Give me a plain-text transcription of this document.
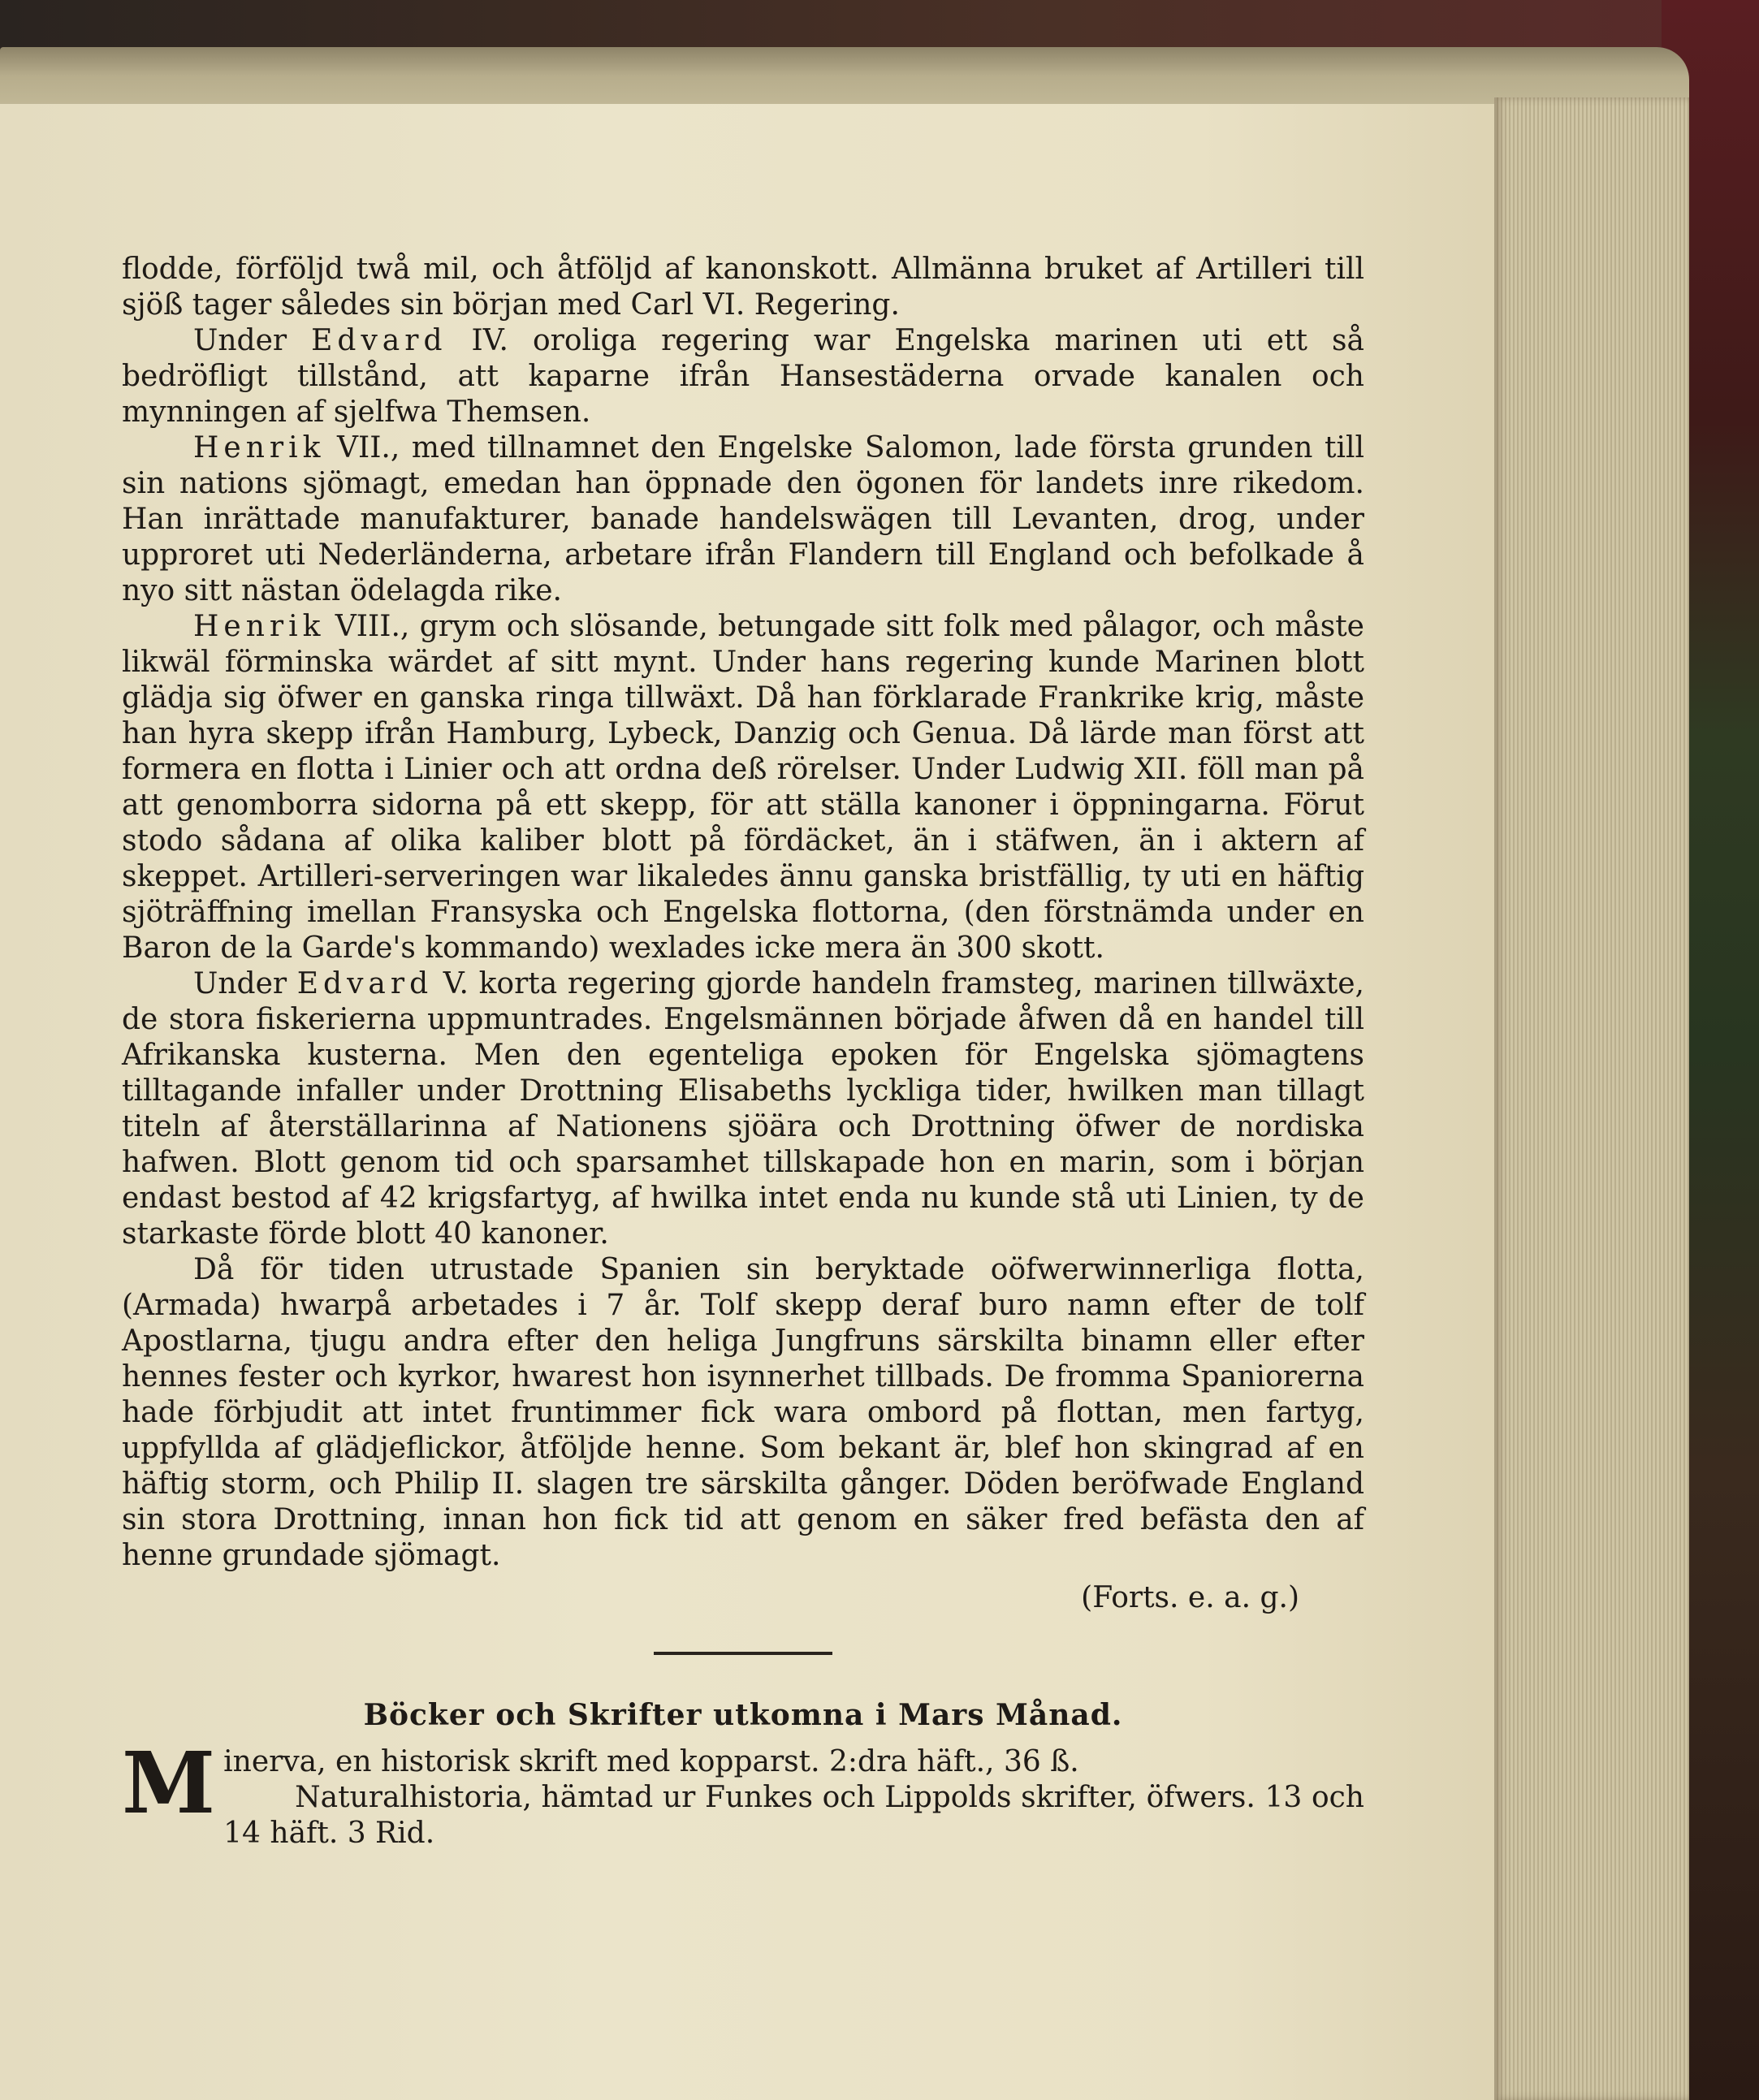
flodde, förföljd twå mil, och åtföljd af kanonskott. Allmänna bruket af Artilleri till sjöß tager således sin början med Carl VI. Regering.

Under Edvard IV. oroliga regering war Engelska marinen uti ett så bedröfligt tillstånd, att kaparne ifrån Hansestäderna orvade kanalen och mynningen af sjelfwa Themsen.

Henrik VII., med tillnamnet den Engelske Salomon, lade första grunden till sin nations sjömagt, emedan han öppnade den ögonen för landets inre rikedom. Han inrättade manufakturer, banade handelswägen till Levanten, drog, under upproret uti Nederländerna, arbetare ifrån Flandern till England och befolkade å nyo sitt nästan ödelagda rike.

Henrik VIII., grym och slösande, betungade sitt folk med pålagor, och måste likwäl förminska wärdet af sitt mynt. Under hans regering kunde Marinen blott glädja sig öfwer en ganska ringa tillwäxt. Då han förklarade Frankrike krig, måste han hyra skepp ifrån Hamburg, Lybeck, Danzig och Genua. Då lärde man först att formera en flotta i Linier och att ordna deß rörelser. Under Ludwig XII. föll man på att genomborra sidorna på ett skepp, för att ställa kanoner i öppningarna. Förut stodo sådana af olika kaliber blott på fördäcket, än i stäfwen, än i aktern af skeppet. Artilleri-serveringen war likaledes ännu ganska bristfällig, ty uti en häftig sjöträffning imellan Fransyska och Engelska flottorna, (den förstnämda under en Baron de la Garde's kommando) wexlades icke mera än 300 skott.

Under Edvard V. korta regering gjorde handeln framsteg, marinen tillwäxte, de stora fiskerierna uppmuntrades. Engelsmännen började åfwen då en handel till Afrikanska kusterna. Men den egenteliga epoken för Engelska sjömagtens tilltagande infaller under Drottning Elisabeths lyckliga tider, hwilken man tillagt titeln af återställarinna af Nationens sjöära och Drottning öfwer de nordiska hafwen. Blott genom tid och sparsamhet tillskapade hon en marin, som i början endast bestod af 42 krigsfartyg, af hwilka intet enda nu kunde stå uti Linien, ty de starkaste förde blott 40 kanoner.

Då för tiden utrustade Spanien sin beryktade oöfwerwinnerliga flotta, (Armada) hwarpå arbetades i 7 år. Tolf skepp deraf buro namn efter de tolf Apostlarna, tjugu andra efter den heliga Jungfruns särskilta binamn eller efter hennes fester och kyrkor, hwarest hon isynnerhet tillbads. De fromma Spaniorerna hade förbjudit att intet fruntimmer fick wara ombord på flottan, men fartyg, uppfyllda af glädjeflickor, åtföljde henne. Som bekant är, blef hon skingrad af en häftig storm, och Philip II. slagen tre särskilta gånger. Döden beröfwade England sin stora Drottning, innan hon fick tid att genom en säker fred befästa den af henne grundade sjömagt.

(Forts. e. a. g.)

Böcker och Skrifter utkomna i Mars Månad.

Minerva, en historisk skrift med kopparst. 2:dra häft., 36 ß.

Naturalhistoria, hämtad ur Funkes och Lippolds skrifter, öfwers. 13 och 14 häft. 3 Rid.
